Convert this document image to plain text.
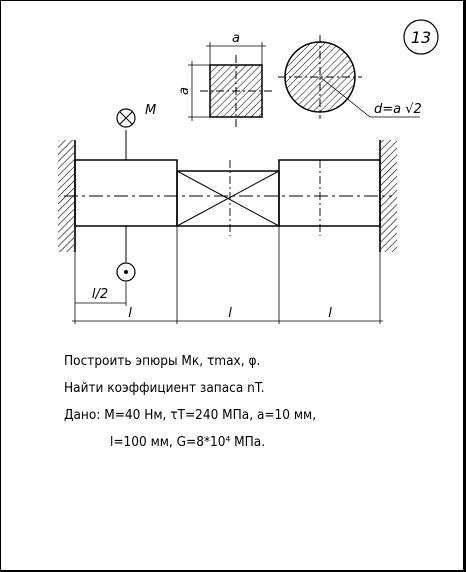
13
a
a
d=a √2
M
l/2
l	l	l
Построить эпюры Mк, τmax, φ.
Найти коэффициент запаса nT.
Дано: M=40 Нм, τT=240 МПа, a=10 мм,
l=100 мм, G=8*10⁴ МПа.
